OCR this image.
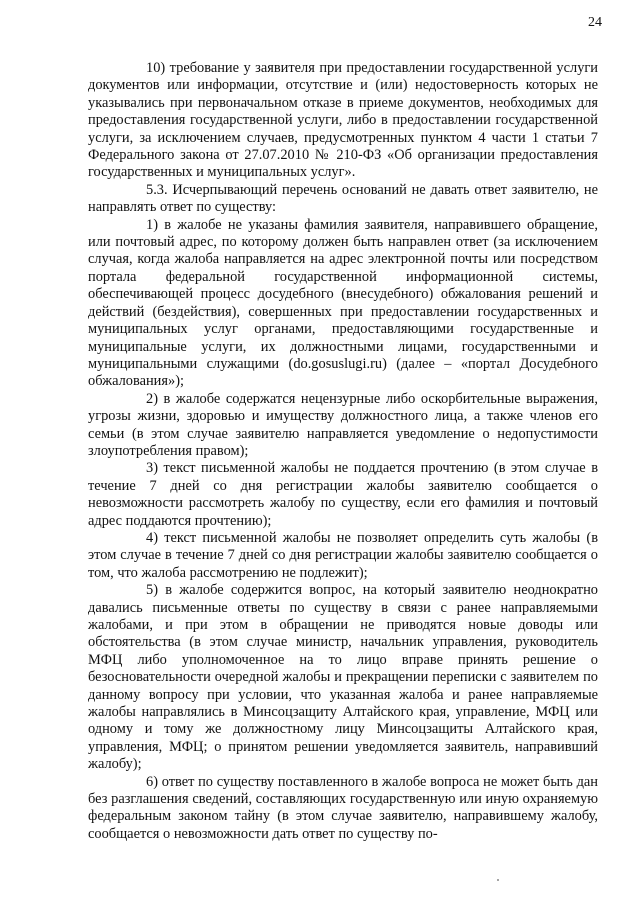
24

10) требование у заявителя при предоставлении государственной услуги документов или информации, отсутствие и (или) недостоверность которых не указывались при первоначальном отказе в приеме документов, необходимых для предоставления государственной услуги, либо в предоставлении государственной услуги, за исключением случаев, предусмотренных пунктом 4 части 1 статьи 7 Федерального закона от 27.07.2010 № 210-ФЗ «Об организации предоставления государственных и муниципальных услуг».

5.3. Исчерпывающий перечень оснований не давать ответ заявителю, не направлять ответ по существу:

1) в жалобе не указаны фамилия заявителя, направившего обращение, или почтовый адрес, по которому должен быть направлен ответ (за исключением случая, когда жалоба направляется на адрес электронной почты или посредством портала федеральной государственной информационной системы, обеспечивающей процесс досудебного (внесудебного) обжалования решений и действий (бездействия), совершенных при предоставлении государственных и муниципальных услуг органами, предоставляющими государственные и муниципальные услуги, их должностными лицами, государственными и муниципальными служащими (do.gosuslugi.ru) (далее – «портал Досудебного обжалования»);

2) в жалобе содержатся нецензурные либо оскорбительные выражения, угрозы жизни, здоровью и имуществу должностного лица, а также членов его семьи (в этом случае заявителю направляется уведомление о недопустимости злоупотребления правом);

3) текст письменной жалобы не поддается прочтению (в этом случае в течение 7 дней со дня регистрации жалобы заявителю сообщается о невозможности рассмотреть жалобу по существу, если его фамилия и почтовый адрес поддаются прочтению);

4) текст письменной жалобы не позволяет определить суть жалобы (в этом случае в течение 7 дней со дня регистрации жалобы заявителю сообщается о том, что жалоба рассмотрению не подлежит);

5) в жалобе содержится вопрос, на который заявителю неоднократно давались письменные ответы по существу в связи с ранее направляемыми жалобами, и при этом в обращении не приводятся новые доводы или обстоятельства (в этом случае министр, начальник управления, руководитель МФЦ либо уполномоченное на то лицо вправе принять решение о безосновательности очередной жалобы и прекращении переписки с заявителем по данному вопросу при условии, что указанная жалоба и ранее направляемые жалобы направлялись в Минсоцзащиту Алтайского края, управление, МФЦ или одному и тому же должностному лицу Минсоцзащиты Алтайского края, управления, МФЦ; о принятом решении уведомляется заявитель, направивший жалобу);

6) ответ по существу поставленного в жалобе вопроса не может быть дан без разглашения сведений, составляющих государственную или иную охраняемую федеральным законом тайну (в этом случае заявителю, направившему жалобу, сообщается о невозможности дать ответ по существу по-
